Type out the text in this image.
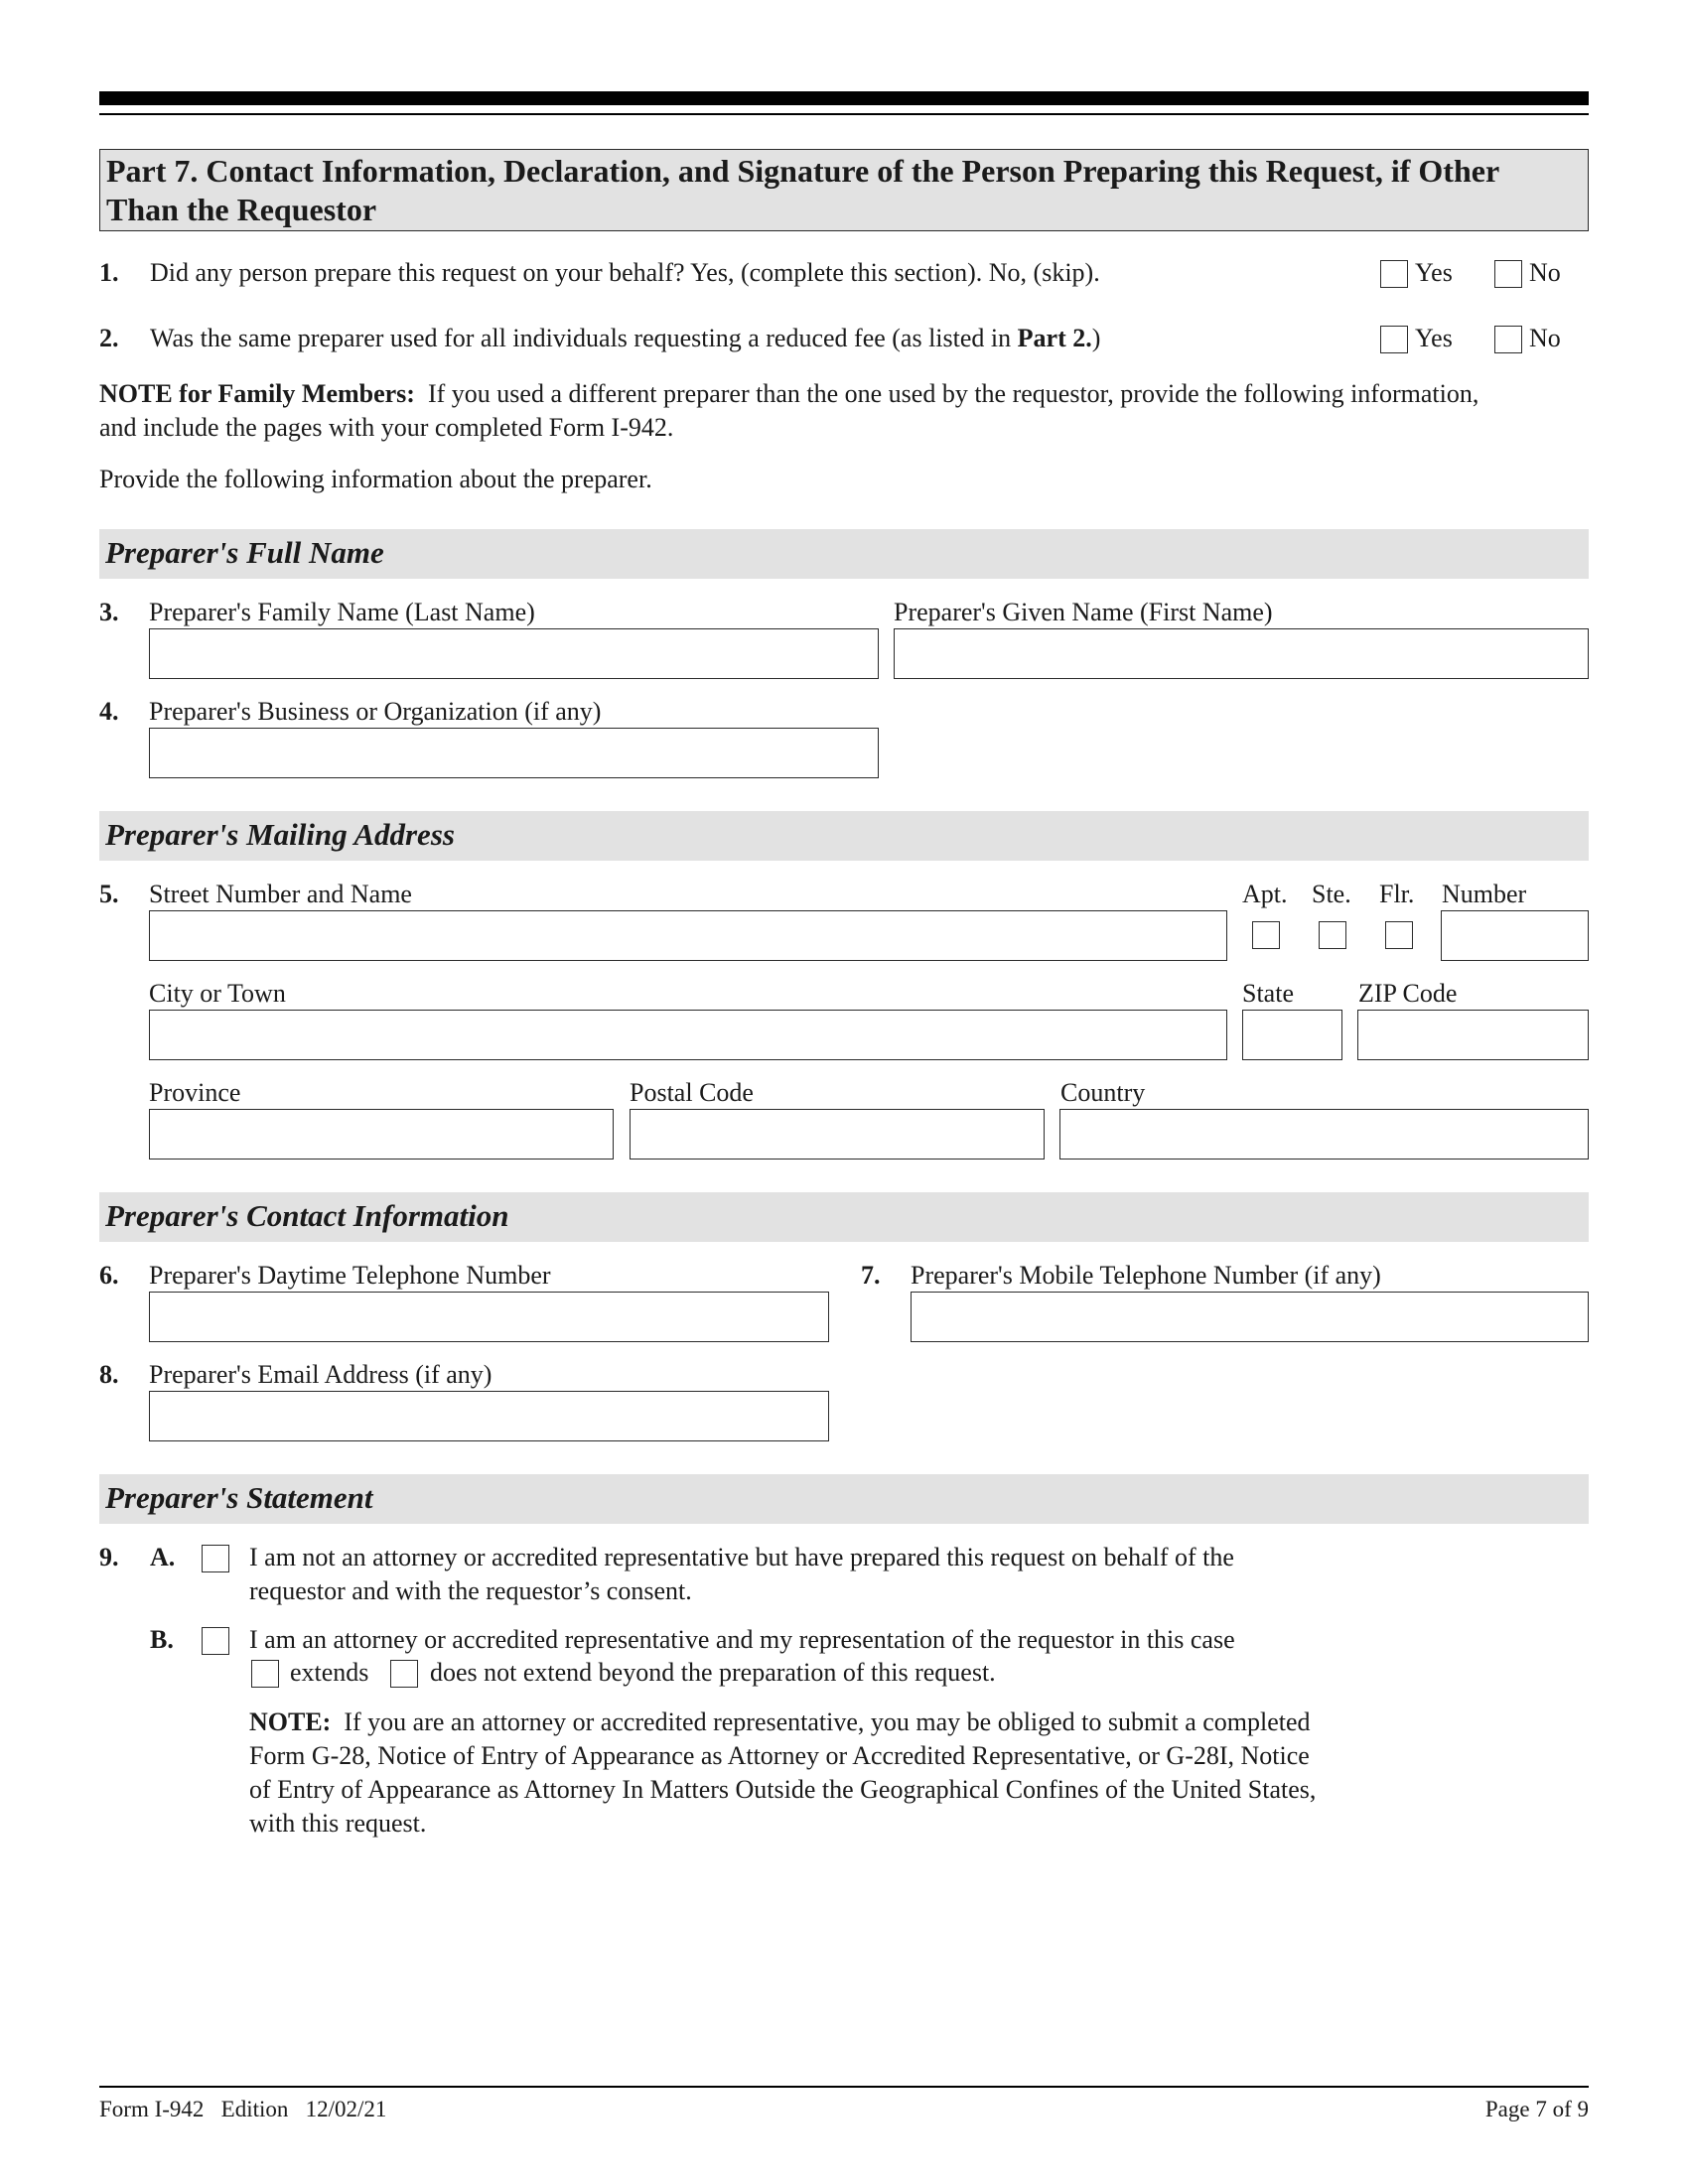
Part 7. Contact Information, Declaration, and Signature of the Person Preparing this Request, if Other Than the Requestor
1. Did any person prepare this request on your behalf? Yes, (complete this section). No, (skip).	Yes	No
2. Was the same preparer used for all individuals requesting a reduced fee (as listed in Part 2.)	Yes	No
NOTE for Family Members: If you used a different preparer than the one used by the requestor, provide the following information,
and include the pages with your completed Form I-942.
Provide the following information about the preparer.
Preparer's Full Name
3. Preparer's Family Name (Last Name)	Preparer's Given Name (First Name)
4. Preparer's Business or Organization (if any)
Preparer's Mailing Address
5. Street Number and Name	Apt. Ste. Flr. Number
City or Town	State	ZIP Code
Province	Postal Code	Country
Preparer's Contact Information
6. Preparer's Daytime Telephone Number	7. Preparer's Mobile Telephone Number (if any)
8. Preparer's Email Address (if any)
Preparer's Statement
9. A.	I am not an attorney or accredited representative but have prepared this request on behalf of the
requestor and with the requestor’s consent.
B.	I am an attorney or accredited representative and my representation of the requestor in this case
extends does not extend beyond the preparation of this request.
NOTE: If you are an attorney or accredited representative, you may be obliged to submit a completed
Form G-28, Notice of Entry of Appearance as Attorney or Accredited Representative, or G-28I, Notice
of Entry of Appearance as Attorney In Matters Outside the Geographical Confines of the United States,
with this request.
Form I-942   Edition   12/02/21	Page 7 of 9
